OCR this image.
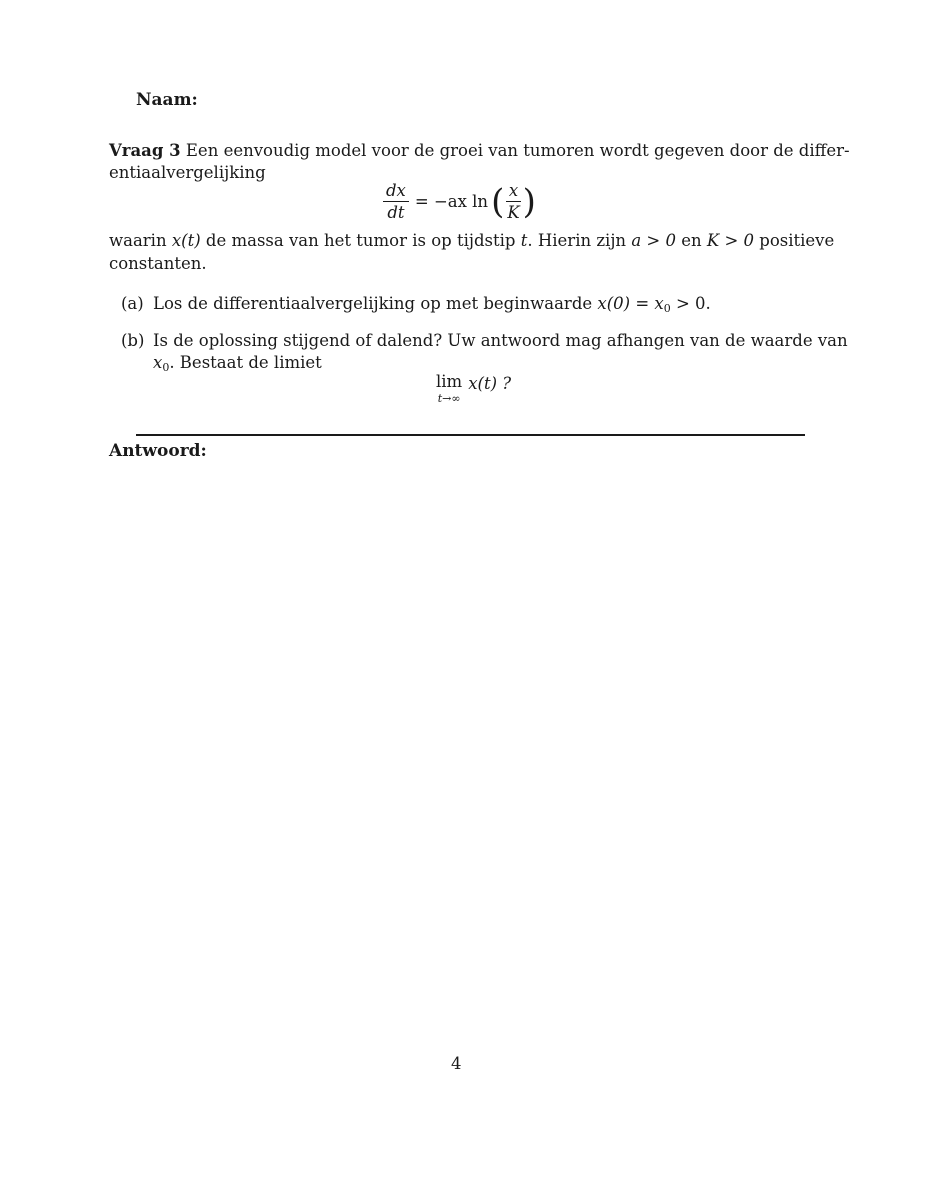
Naam:
Vraag 3 Een eenvoudig model voor de groei van tumoren wordt gegeven door de differ-
entiaalvergelijking
$\frac{dx}{dt} = -ax$ ln ( $\frac{x}{K}$ )
waarin x(t) de massa van het tumor is op tijdstip t. Hierin zijn a > 0 en K > 0 positieve
constanten.
(a) Los de differentiaalvergelijking op met beginwaarde $x(0) = x_0 > 0$.
(b) Is de oplossing stijgend of dalend? Uw antwoord mag afhangen van de waarde van
$x_0$. Bestaat de limiet
lim
t→∞
x(t) ?
Antwoord:
4
